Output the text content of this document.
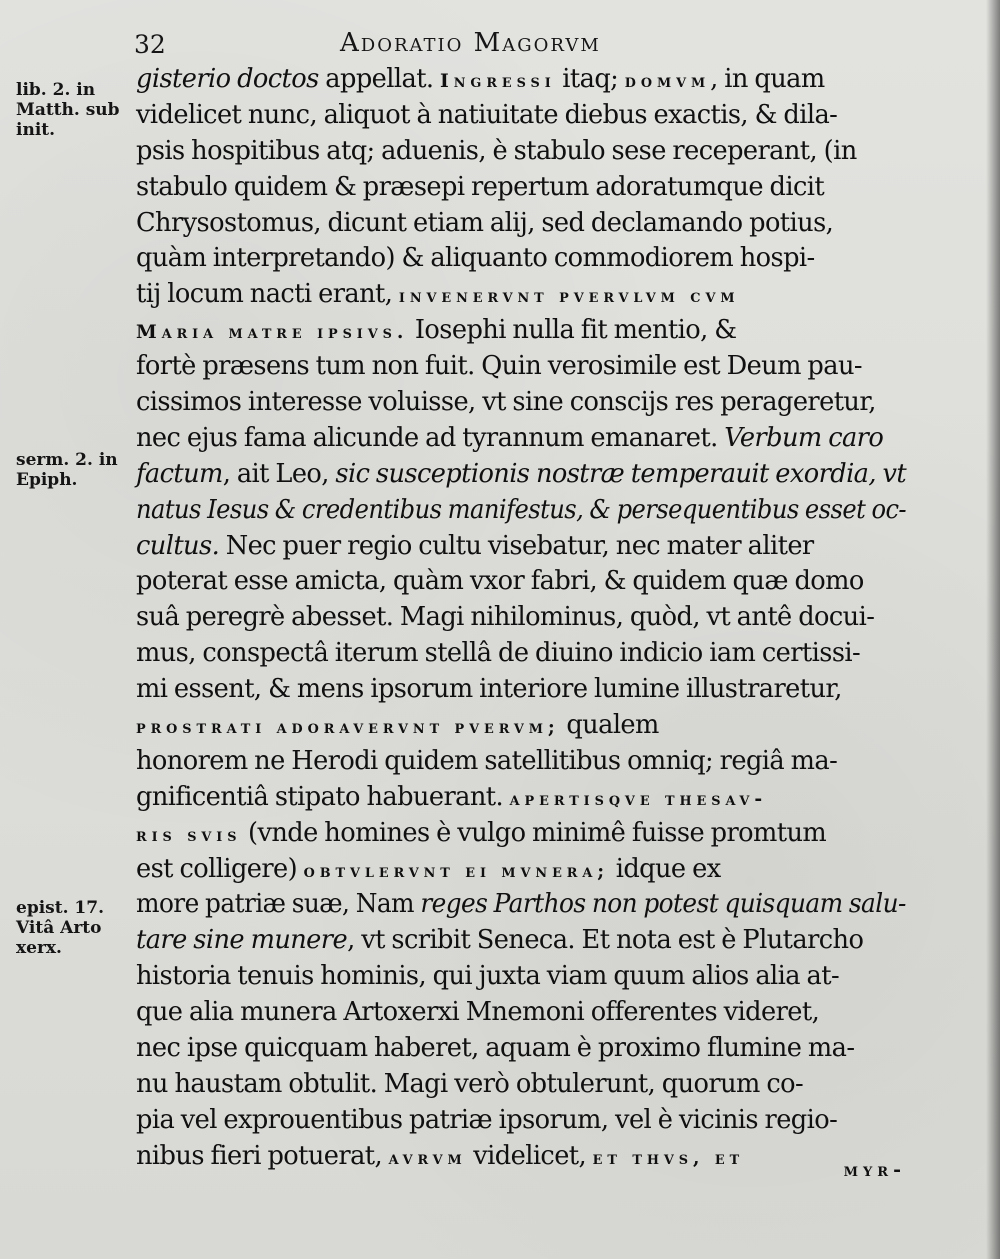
32	Adoratio Magorvm
lib. 2. in
Matth. sub
init.
serm. 2. in
Epiph.
epist. 17.
Vitâ Arto
xerx.
gisterio doctos appellat. Ingressi itaq; domvm, in quam
videlicet nunc, aliquot à natiuitate diebus exactis, & dila-
psis hospitibus atq; aduenis, è stabulo sese receperant, (in
stabulo quidem & præsepi repertum adoratumque dicit
Chrysostomus, dicunt etiam alij, sed declamando potius,
quàm interpretando) & aliquanto commodiorem hospi-
tij locum nacti erant, invenervnt pvervlvm cvm
Maria matre ipsivs. Iosephi nulla fit mentio, &
fortè præsens tum non fuit. Quin verosimile est Deum pau-
cissimos interesse voluisse, vt sine conscijs res perageretur,
nec ejus fama alicunde ad tyrannum emanaret. Verbum caro
factum, ait Leo, sic susceptionis nostræ temperauit exordia, vt
natus Iesus & credentibus manifestus, & persequentibus esset oc-
cultus. Nec puer regio cultu visebatur, nec mater aliter
poterat esse amicta, quàm vxor fabri, & quidem quæ domo
suâ peregrè abesset. Magi nihilominus, quòd, vt antê docui-
mus, conspectâ iterum stellâ de diuino indicio iam certissi-
mi essent, & mens ipsorum interiore lumine illustraretur,
prostrati adoravervnt pvervm; qualem
honorem ne Herodi quidem satellitibus omniq; regiâ ma-
gnificentiâ stipato habuerant. apertisqve thesav-
ris svis (vnde homines è vulgo minimê fuisse promtum
est colligere) obtvlervnt ei mvnera; idque ex
more patriæ suæ, Nam reges Parthos non potest quisquam salu-
tare sine munere, vt scribit Seneca. Et nota est è Plutarcho
historia tenuis hominis, qui juxta viam quum alios alia at-
que alia munera Artoxerxi Mnemoni offerentes videret,
nec ipse quicquam haberet, aquam è proximo flumine ma-
nu haustam obtulit. Magi verò obtulerunt, quorum co-
pia vel exprouentibus patriæ ipsorum, vel è vicinis regio-
nibus fieri potuerat, avrvm videlicet, et thvs, et
myr-
